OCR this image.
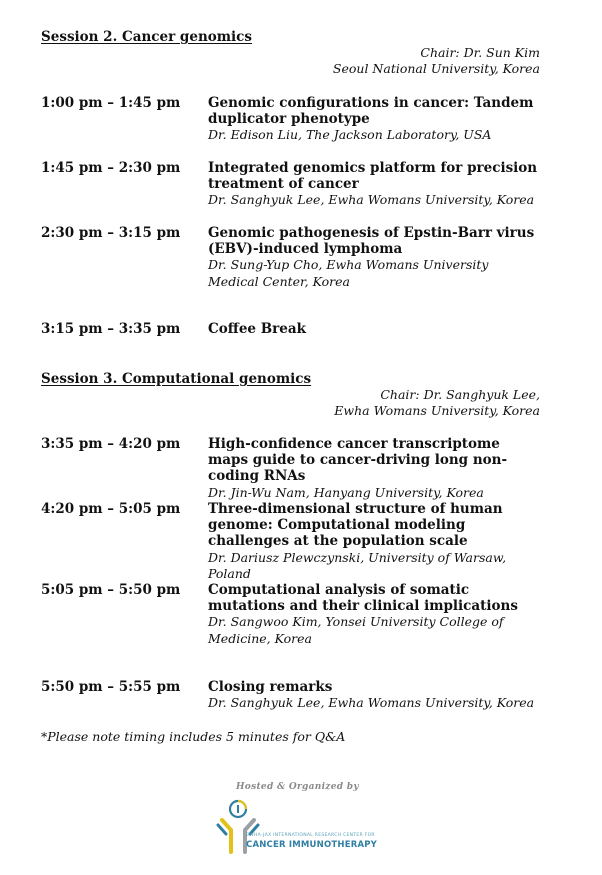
Session 2. Cancer genomics
Chair: Dr. Sun Kim
Seoul National University, Korea
1:00 pm – 1:45 pm Genomic configurations in cancer: Tandem duplicator phenotype
Dr. Edison Liu, The Jackson Laboratory, USA
1:45 pm – 2:30 pm Integrated genomics platform for precision treatment of cancer
Dr. Sanghyuk Lee, Ewha Womans University, Korea
2:30 pm – 3:15 pm Genomic pathogenesis of Epstin-Barr virus (EBV)-induced lymphoma
Dr. Sung-Yup Cho, Ewha Womans University Medical Center, Korea
3:15 pm – 3:35 pm Coffee Break
Session 3. Computational genomics
Chair: Dr. Sanghyuk Lee,
Ewha Womans University, Korea
3:35 pm – 4:20 pm High-confidence cancer transcriptome maps guide to cancer-driving long non-coding RNAs
Dr. Jin-Wu Nam, Hanyang University, Korea
4:20 pm – 5:05 pm Three-dimensional structure of human genome: Computational modeling challenges at the population scale
Dr. Dariusz Plewczynski, University of Warsaw, Poland
5:05 pm – 5:50 pm Computational analysis of somatic mutations and their clinical implications
Dr. Sangwoo Kim, Yonsei University College of Medicine, Korea
5:50 pm – 5:55 pm Closing remarks
Dr. Sanghyuk Lee, Ewha Womans University, Korea
*Please note timing includes 5 minutes for Q&A
Hosted & Organized by
EWHA-JAX INTERNATIONAL RESEARCH CENTER FOR
CANCER IMMUNOTHERAPY
